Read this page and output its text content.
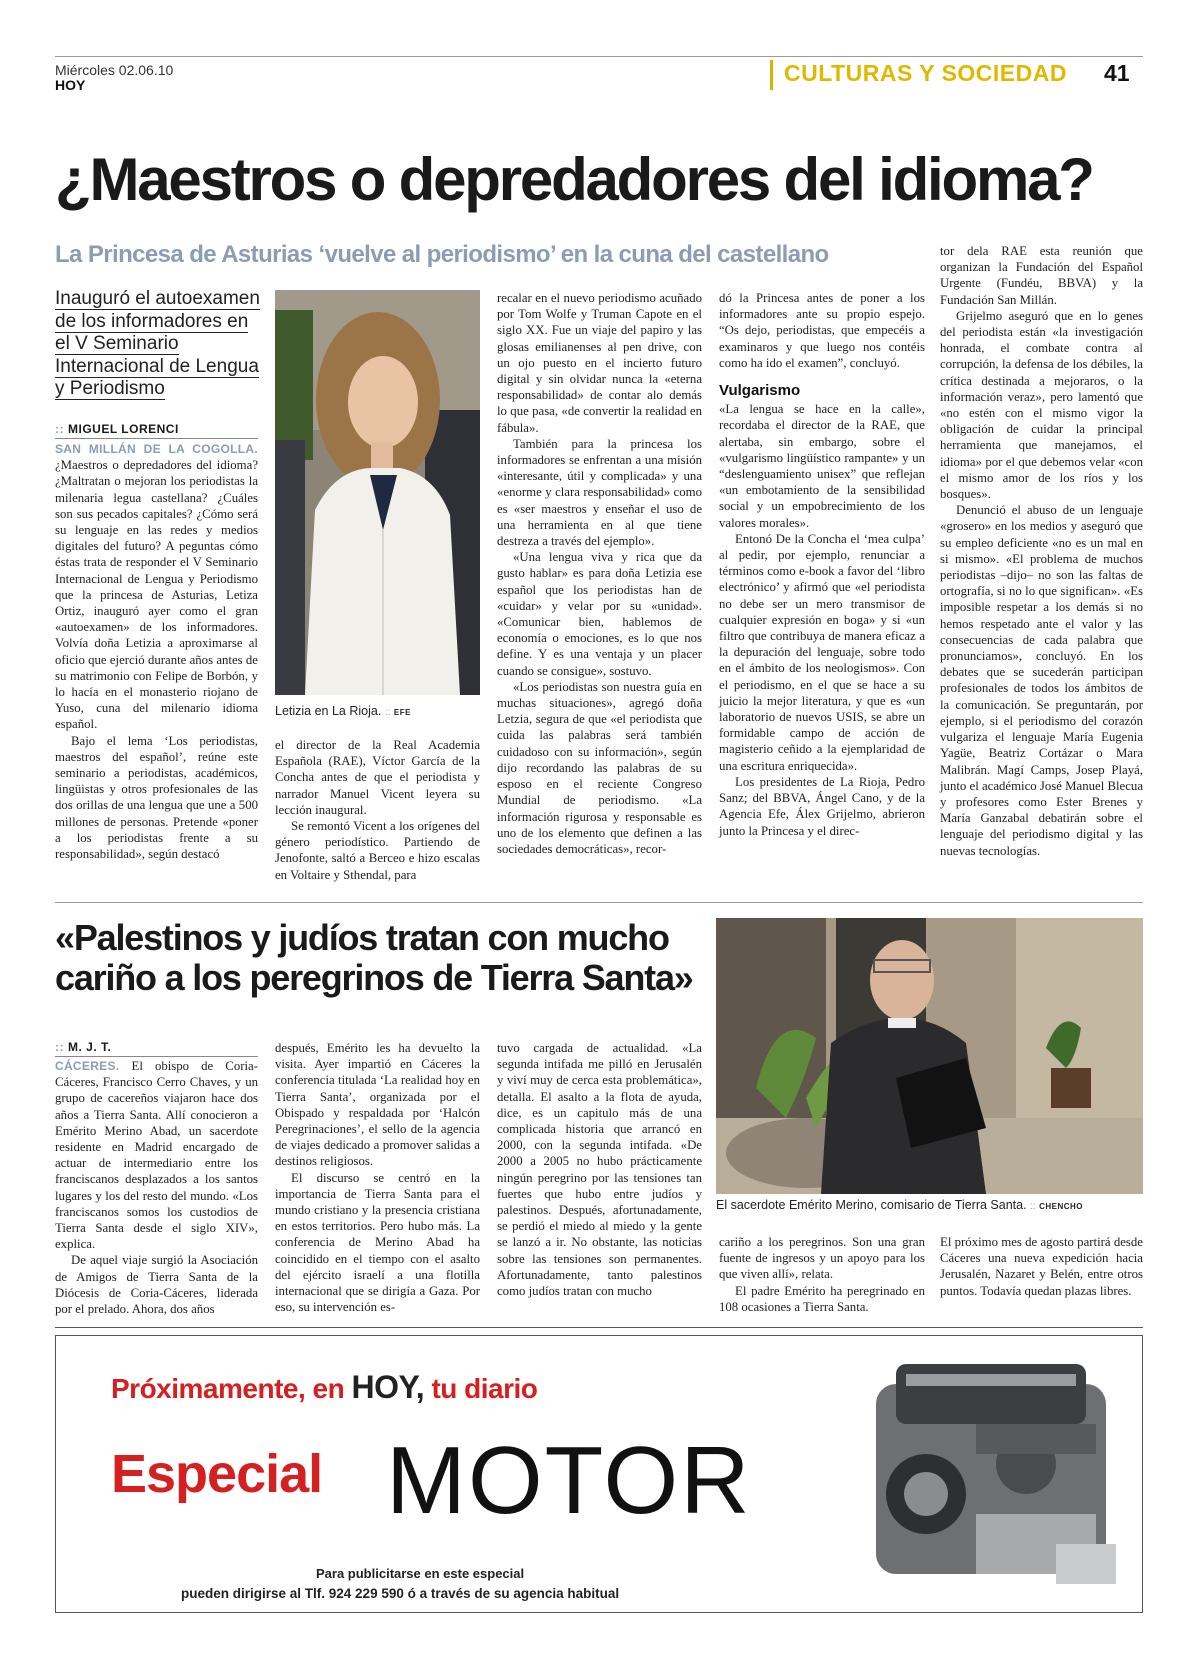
Miércoles 02.06.10
HOY	CULTURAS Y SOCIEDAD 41
¿Maestros o depredadores del idioma?
La Princesa de Asturias ‘vuelve al periodismo’ en la cuna del castellano
Inauguró el autoexamen de los informadores en el V Seminario Internacional de Lengua y Periodismo
:: MIGUEL LORENCI

SAN MILLÁN DE LA COGOLLA. ¿Maestros o depredadores del idioma? ¿Maltratan o mejoran los periodistas la milenaria legua castellana? ¿Cuáles son sus pecados capitales? ¿Cómo será su lenguaje en las redes y medios digitales del futuro? A peguntas cómo éstas trata de responder el V Seminario Internacional de Lengua y Periodismo que la princesa de Asturias, Letiza Ortiz, inauguró ayer como el gran «autoexamen» de los informadores. Volvía doña Letizia a aproximarse al oficio que ejerció durante años antes de su matrimonio con Felipe de Borbón, y lo hacía en el monasterio riojano de Yuso, cuna del milenario idioma español.

Bajo el lema ‘Los periodistas, maestros del español’, reúne este seminario a periodistas, académicos, lingüistas y otros profesionales de las dos orillas de una lengua que une a 500 millones de personas. Pretende «poner a los periodistas frente a su responsabilidad», según destacó

Letizia en La Rioja. :: EFE

el director de la Real Academia Española (RAE), Víctor García de la Concha antes de que el periodista y narrador Manuel Vicent leyera su lección inaugural.

Se remontó Vicent a los orígenes del género periodístico. Partiendo de Jenofonte, saltó a Berceo e hizo escalas en Voltaire y Sthendal, para

recalar en el nuevo periodismo acuñado por Tom Wolfe y Truman Capote en el siglo XX. Fue un viaje del papiro y las glosas emilianenses al pen drive, con un ojo puesto en el incierto futuro digital y sin olvidar nunca la «eterna responsabilidad» de contar alo demás lo que pasa, «de convertir la realidad en fábula».

También para la princesa los informadores se enfrentan a una misión «interesante, útil y complicada» y una «enorme y clara responsabilidad» como es «ser maestros y enseñar el uso de una herramienta en al que tiene destreza a través del ejemplo».

«Una lengua viva y rica que da gusto hablar» es para doña Letizia ese español que los periodistas han de «cuidar» y velar por su «unidad». «Comunicar bien, hablemos de economía o emociones, es lo que nos define. Y es una ventaja y un placer cuando se consigue», sostuvo.

«Los periodistas son nuestra guía en muchas situaciones», agregó doña Letzia, segura de que «el periodista que cuida las palabras será también cuidadoso con su información», según dijo recordando las palabras de su esposo en el reciente Congreso Mundial de periodismo. «La información rigurosa y responsable es uno de los elemento que definen a las sociedades democráticas», recor-

dó la Princesa antes de poner a los informadores ante su propio espejo. “Os dejo, periodistas, que empecéis a examinaros y que luego nos contéis como ha ido el examen”, concluyó.

Vulgarismo

«La lengua se hace en la calle», recordaba el director de la RAE, que alertaba, sin embargo, sobre el «vulgarismo lingüístico rampante» y un “deslenguamiento unisex” que reflejan «un embotamiento de la sensibilidad social y un empobrecimiento de los valores morales».

Entonó De la Concha el ‘mea culpa’ al pedir, por ejemplo, renunciar a términos como e-book a favor del ‘libro electrónico’ y afirmó que «el periodista no debe ser un mero transmisor de cualquier expresión en boga» y si «un filtro que contribuya de manera eficaz a la depuración del lenguaje, sobre todo en el ámbito de los neologismos». Con el periodismo, en el que se hace a su juicio la mejor literatura, y que es «un laboratorio de nuevos USIS, se abre un formidable campo de acción de magisterio ceñido a la ejemplaridad de una escritura enriquecida».

Los presidentes de La Rioja, Pedro Sanz; del BBVA, Ángel Cano, y de la Agencia Efe, Álex Grijelmo, abrieron junto la Princesa y el direc-

tor dela RAE esta reunión que organizan la Fundación del Español Urgente (Fundéu, BBVA) y la Fundación San Millán.

Grijelmo aseguró que en lo genes del periodista están «la investigación honrada, el combate contra al corrupción, la defensa de los débiles, la crítica destinada a mejoraros, o la información veraz», pero lamentó que «no estén con el mismo vigor la obligación de cuidar la principal herramienta que manejamos, el idioma» por el que debemos velar «con el mismo amor de los ríos y los bosques».

Denunció el abuso de un lenguaje «grosero» en los medios y aseguró que su empleo deficiente «no es un mal en si mismo». «El problema de muchos periodistas –dijo– no son las faltas de ortografía, si no lo que significan». «Es imposible respetar a los demás si no hemos respetado ante el valor y las consecuencias de cada palabra que pronunciamos», concluyó. En los debates que se sucederán participan profesionales de todos los ámbitos de la comunicación. Se preguntarán, por ejemplo, si el periodismo del corazón vulgariza el lenguaje María Eugenia Yagüe, Beatriz Cortázar o Mara Malibrán. Magí Camps, Josep Playá, junto el académico José Manuel Blecua y profesores como Ester Brenes y María Ganzabal debatirán sobre el lenguaje del periodismo digital y las nuevas tecnologías.

«Palestinos y judíos tratan con mucho cariño a los peregrinos de Tierra Santa»
El sacerdote Emérito Merino, comisario de Tierra Santa. :: CHENCHO
:: M. J. T.

CÁCERES. El obispo de Coria-Cáceres, Francisco Cerro Chaves, y un grupo de cacereños viajaron hace dos años a Tierra Santa. Allí conocieron a Emérito Merino Abad, un sacerdote residente en Madrid encargado de actuar de intermediario entre los franciscanos desplazados a los santos lugares y los del resto del mundo. «Los franciscanos somos los custodios de Tierra Santa desde el siglo XIV», explica.

De aquel viaje surgió la Asociación de Amigos de Tierra Santa de la Diócesis de Coria-Cáceres, liderada por el prelado. Ahora, dos años

después, Emérito les ha devuelto la visita. Ayer impartió en Cáceres la conferencia titulada ‘La realidad hoy en Tierra Santa’, organizada por el Obispado y respaldada por ‘Halcón Peregrinaciones’, el sello de la agencia de viajes dedicado a promover salidas a destinos religiosos.

El discurso se centró en la importancia de Tierra Santa para el mundo cristiano y la presencia cristiana en estos territorios. Pero hubo más. La conferencia de Merino Abad ha coincidido en el tiempo con el asalto del ejército israelí a una flotilla internacional que se dirigía a Gaza. Por eso, su intervención es-

tuvo cargada de actualidad. «La segunda intifada me pilló en Jerusalén y viví muy de cerca esta problemática», detalla. El asalto a la flota de ayuda, dice, es un capitulo más de una complicada historia que arrancó en 2000, con la segunda intifada. «De 2000 a 2005 no hubo prácticamente ningún peregrino por las tensiones tan fuertes que hubo entre judíos y palestinos. Después, afortunadamente, se perdió el miedo al miedo y la gente se lanzó a ir. No obstante, las noticias sobre las tensiones son permanentes. Afortunadamente, tanto palestinos como judíos tratan con mucho

cariño a los peregrinos. Son una gran fuente de ingresos y un apoyo para los que viven allí», relata.

El padre Emérito ha peregrinado en 108 ocasiones a Tierra Santa.

El próximo mes de agosto partirá desde Cáceres una nueva expedición hacia Jerusalén, Nazaret y Belén, entre otros puntos. Todavía quedan plazas libres.

Próximamente, en HOY, tu diario
Especial MOTOR
Para publicitarse en este especial
pueden dirigirse al Tlf. 924 229 590 ó a través de su agencia habitual
